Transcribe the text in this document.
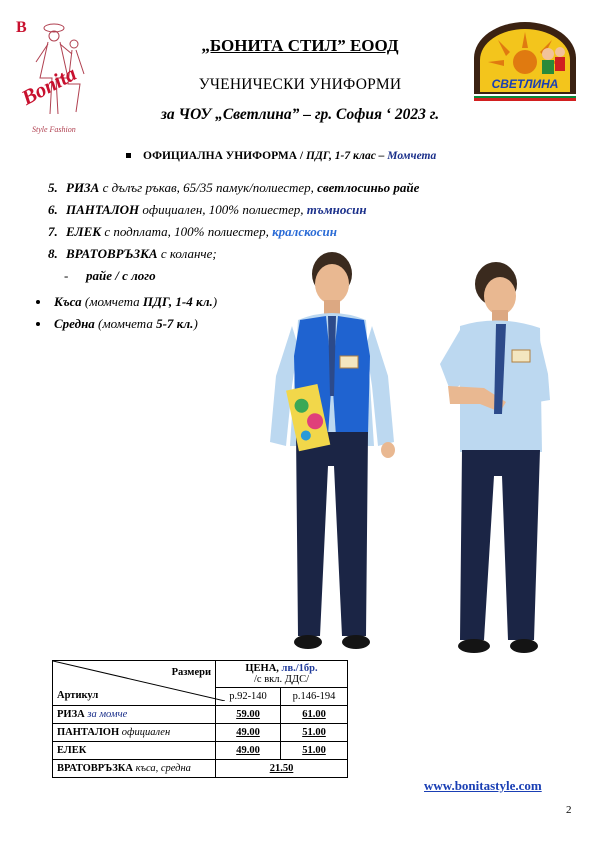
B
Bonita
Style Fashion
СВЕТЛИНА
„БОНИТА СТИЛ” ЕООД
УЧЕНИЧЕСКИ УНИФОРМИ
за ЧОУ „Светлина” – гр. София ‘ 2023 г.
ОФИЦИАЛНА УНИФОРМА / ПДГ, 1-7 клас – Момчета
5. РИЗА с дълъг ръкав, 65/35 памук/полиестер, светлосиньо райе
6. ПАНТАЛОН официален, 100% полиестер, тъмносин
7. ЕЛЕК с подплата, 100% полиестер, кралскосин
8. ВРАТОВРЪЗКА с коланче;
- райе / с лого
Къса (момчета ПДГ, 1-4 кл.)
Средна (момчета 5-7 кл.)
Размери
Артикул	ЦЕНА, лв./1бр.
/с вкл. ДДС/	
	р.92-140	р.146-194
РИЗА за момче	59.00	61.00
ПАНТАЛОН официален	49.00	51.00
ЕЛЕК	49.00	51.00
ВРАТОВРЪЗКА къса, средна	21.50	
www.bonitastyle.com
2
